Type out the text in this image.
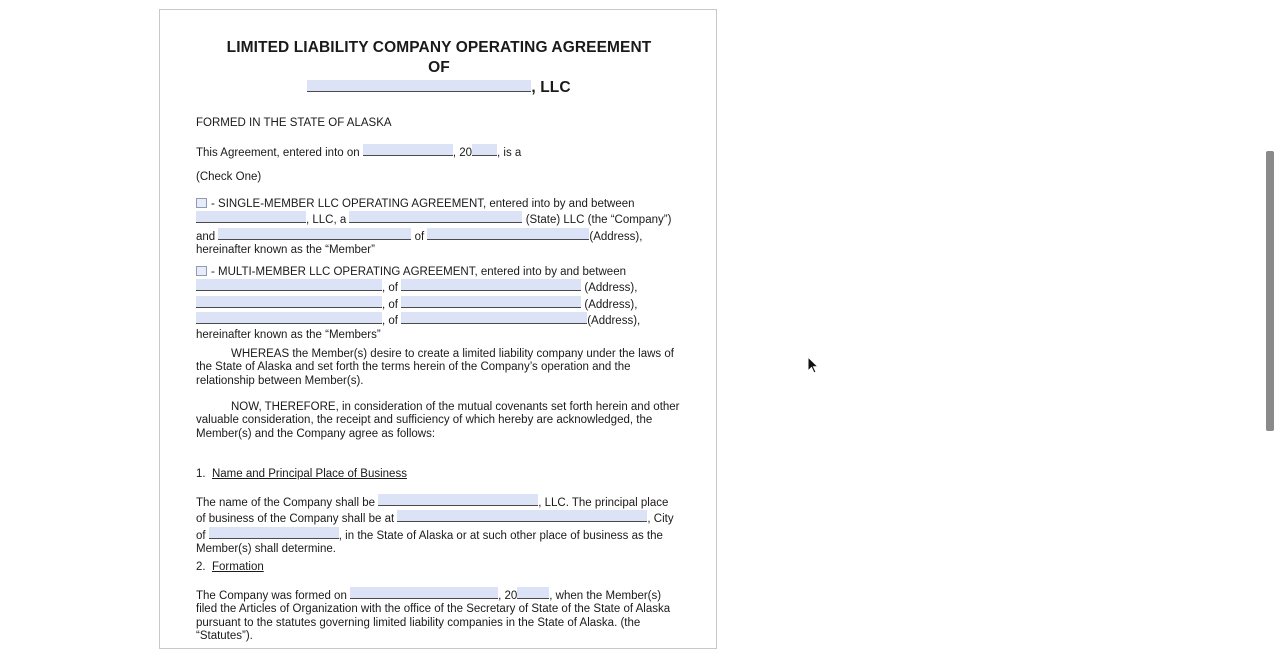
LIMITED LIABILITY COMPANY OPERATING AGREEMENT
OF
, LLC
FORMED IN THE STATE OF ALASKA
This Agreement, entered into on	, 20 , is a
(Check One)
- SINGLE-MEMBER LLC OPERATING AGREEMENT, entered into by and between
, LLC, a	(State) LLC (the “Company”)
and	of	(Address),
hereinafter known as the “Member”
- MULTI-MEMBER LLC OPERATING AGREEMENT, entered into by and between
, of	(Address),
, of	(Address),
, of	(Address),
hereinafter known as the “Members”
WHEREAS the Member(s) desire to create a limited liability company under the laws of the State of Alaska and set forth the terms herein of the Company’s operation and the relationship between Member(s).
NOW, THEREFORE, in consideration of the mutual covenants set forth herein and other valuable consideration, the receipt and sufficiency of which hereby are acknowledged, the Member(s) and the Company agree as follows:
1. Name and Principal Place of Business
The name of the Company shall be	, LLC. The principal place
of business of the Company shall be at	, City
of	, in the State of Alaska or at such other place of business as the
Member(s) shall determine.
2. Formation
The Company was formed on	, 20	, when the Member(s)
filed the Articles of Organization with the office of the Secretary of State of the State of Alaska
pursuant to the statutes governing limited liability companies in the State of Alaska. (the
“Statutes”).
